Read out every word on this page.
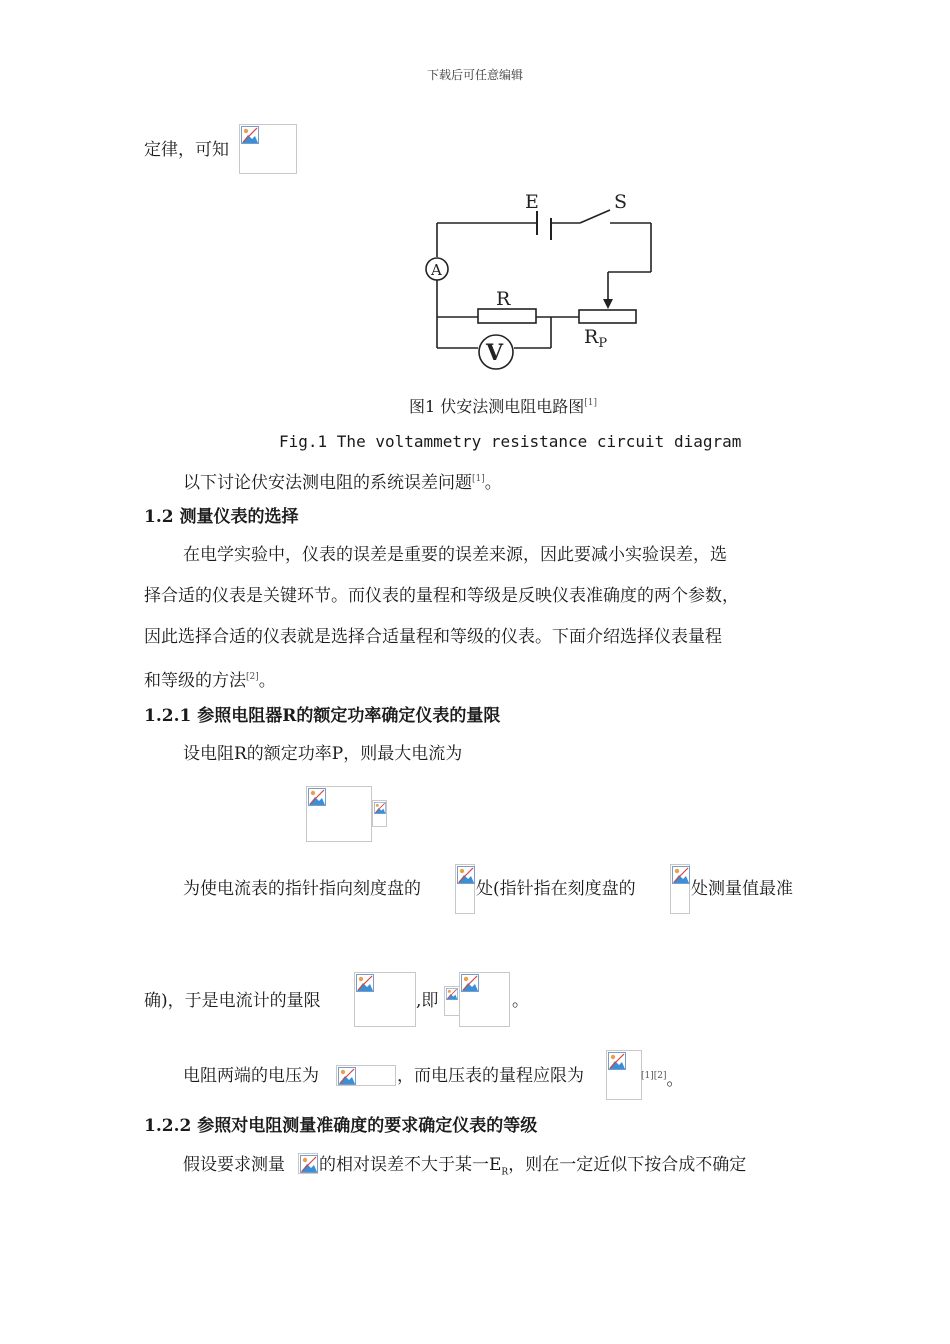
下载后可任意编辑
定律，可知
E	S
A
R
$R_P$
V
图1 伏安法测电阻电路图[1]
Fig.1 The voltammetry resistance circuit diagram
以下讨论伏安法测电阻的系统误差问题[1]。
1.2 测量仪表的选择
在电学实验中，仪表的误差是重要的误差来源，因此要减小实验误差，选
择合适的仪表是关键环节。而仪表的量程和等级是反映仪表准确度的两个参数，
因此选择合适的仪表就是选择合适量程和等级的仪表。下面介绍选择仪表量程
和等级的方法[2]。
1.2.1 参照电阻器R的额定功率确定仪表的量限
设电阻R的额定功率P，则最大电流为
为使电流表的指针指向刻度盘的	处(指针指在刻度盘的	处测量值最准
确)，于是电流计的量限	,即	。
电阻两端的电压为	，而电压表的量程应限为	[1][2]。
1.2.2 参照对电阻测量准确度的要求确定仪表的等级
假设要求测量 的相对误差不大于某一$E_R$，则在一定近似下按合成不确定
